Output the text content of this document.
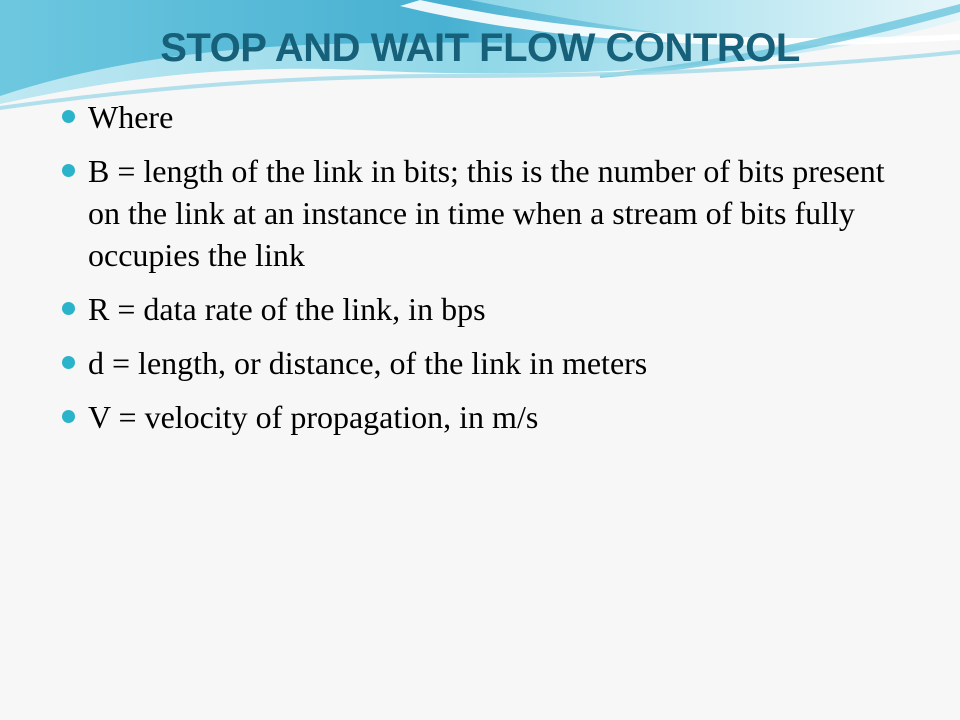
STOP AND WAIT FLOW CONTROL
Where
B = length of the link in bits; this is the number of bits present on the link at an instance in time when a stream of bits fully occupies the link
R = data rate of the link, in bps
d = length, or distance, of the link in meters
V = velocity of propagation, in m/s
